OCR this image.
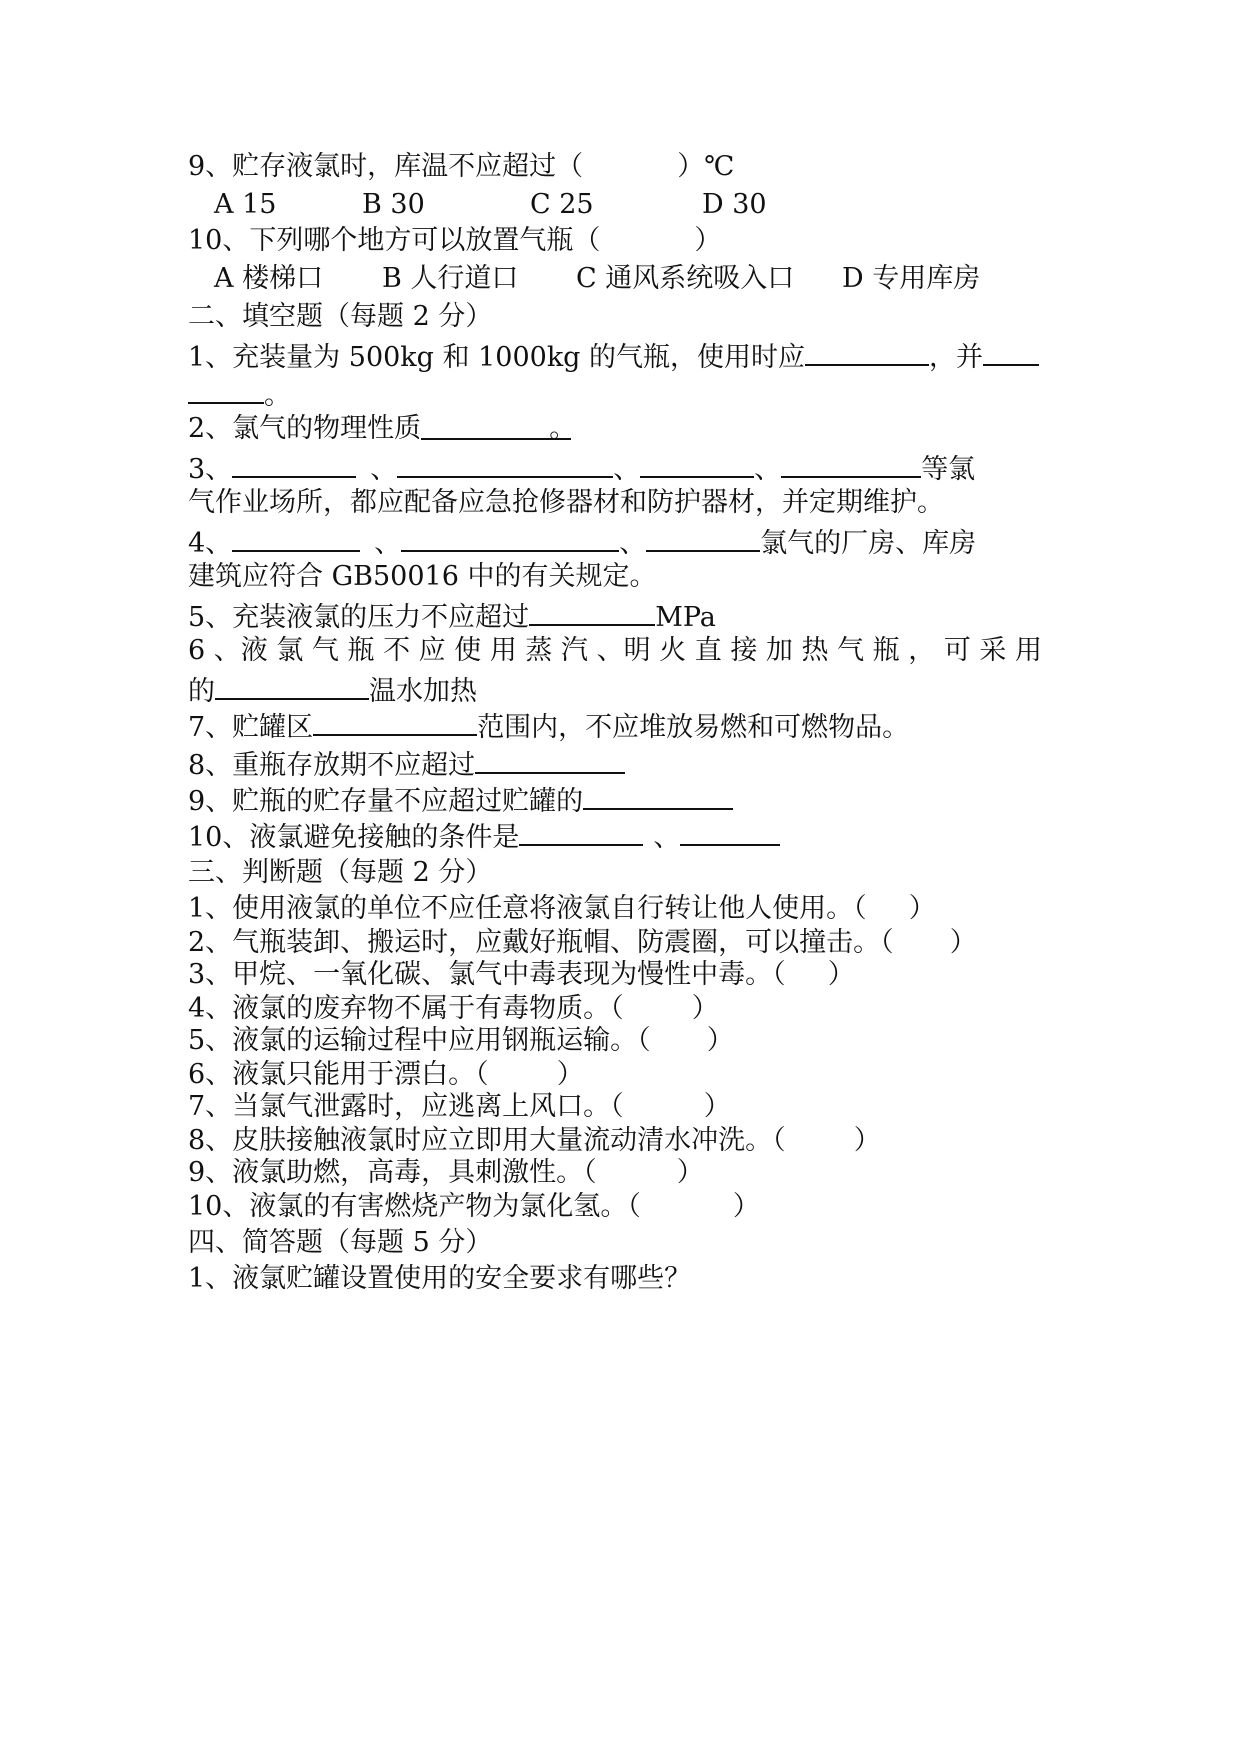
9、贮存液氯时，库温不应超过（	）℃
A 15	B 30	C 25	D 30
10、下列哪个地方可以放置气瓶（	）
A 楼梯口 B 人行道口 C 通风系统吸入口 D 专用库房
二、填空题（每题 2 分）
1、充装量为 500kg 和 1000kg 的气瓶，使用时应	，并
。
2、氯气的物理性质	。
3、	、	、	、	等氯
气作业场所，都应配备应急抢修器材和防护器材，并定期维护。
4、	、	、	氯气的厂房、库房
建筑应符合 GB50016 中的有关规定。
5、充装液氯的压力不应超过	MPa
6 、液 氯 气 瓶 不 应 使 用 蒸 汽 、明 火 直 接 加 热 气 瓶 ， 可 采 用
的	温水加热
7、贮罐区	范围内，不应堆放易燃和可燃物品。
8、重瓶存放期不应超过
9、贮瓶的贮存量不应超过贮罐的
10、液氯避免接触的条件是	、
三、判断题（每题 2 分）
1、使用液氯的单位不应任意将液氯自行转让他人使用。（ ）
2、气瓶装卸、搬运时，应戴好瓶帽、防震圈，可以撞击。（ ）
3、甲烷、一氧化碳、氯气中毒表现为慢性中毒。（ ）
4、液氯的废弃物不属于有毒物质。（	）
5、液氯的运输过程中应用钢瓶运输。（ ）
6、液氯只能用于漂白。（	）
7、当氯气泄露时，应逃离上风口。（	）
8、皮肤接触液氯时应立即用大量流动清水冲洗。（	）
9、液氯助燃，高毒，具刺激性。（	）
10、液氯的有害燃烧产物为氯化氢。（	）
四、简答题（每题 5 分）
1、液氯贮罐设置使用的安全要求有哪些？
